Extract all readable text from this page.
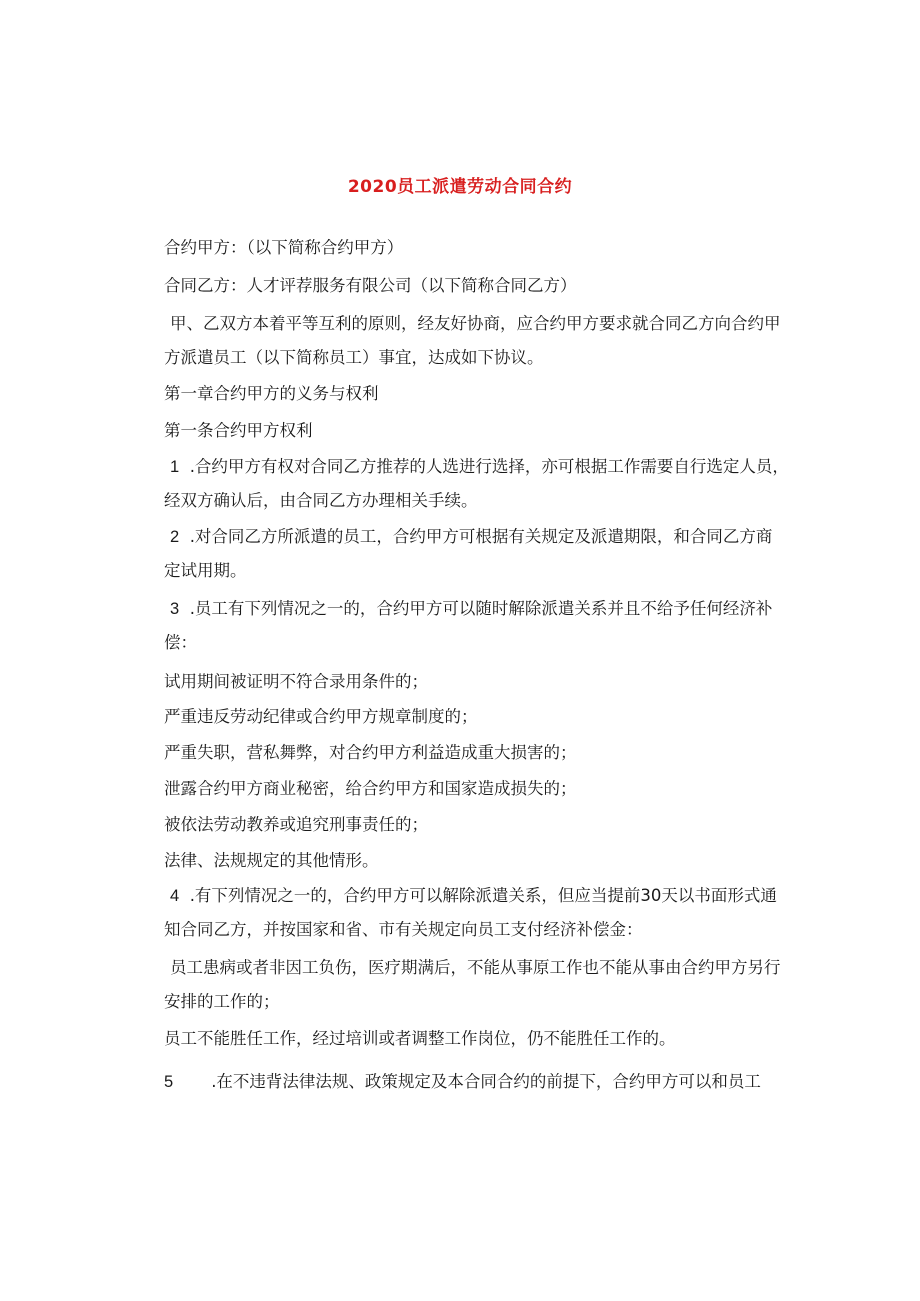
2020员工派遣劳动合同合约
合约甲方：（以下简称合约甲方）
合同乙方：人才评荐服务有限公司（以下简称合同乙方）
甲、乙双方本着平等互利的原则，经友好协商，应合约甲方要求就合同乙方向合约甲
方派遣员工（以下简称员工）事宜，达成如下协议。
第一章合约甲方的义务与权利
第一条合约甲方权利
1 .合约甲方有权对合同乙方推荐的人选进行选择，亦可根据工作需要自行选定人员，
经双方确认后，由合同乙方办理相关手续。
2 .对合同乙方所派遣的员工，合约甲方可根据有关规定及派遣期限，和合同乙方商
定试用期。
3 .员工有下列情况之一的，合约甲方可以随时解除派遣关系并且不给予任何经济补
偿：
试用期间被证明不符合录用条件的；
严重违反劳动纪律或合约甲方规章制度的；
严重失职，营私舞弊，对合约甲方利益造成重大损害的；
泄露合约甲方商业秘密，给合约甲方和国家造成损失的；
被依法劳动教养或追究刑事责任的；
法律、法规规定的其他情形。
4 .有下列情况之一的，合约甲方可以解除派遣关系，但应当提前30天以书面形式通
知合同乙方，并按国家和省、市有关规定向员工支付经济补偿金：
员工患病或者非因工负伤，医疗期满后，不能从事原工作也不能从事由合约甲方另行
安排的工作的；
员工不能胜任工作，经过培训或者调整工作岗位，仍不能胜任工作的。
5 .在不违背法律法规、政策规定及本合同合约的前提下，合约甲方可以和员工
